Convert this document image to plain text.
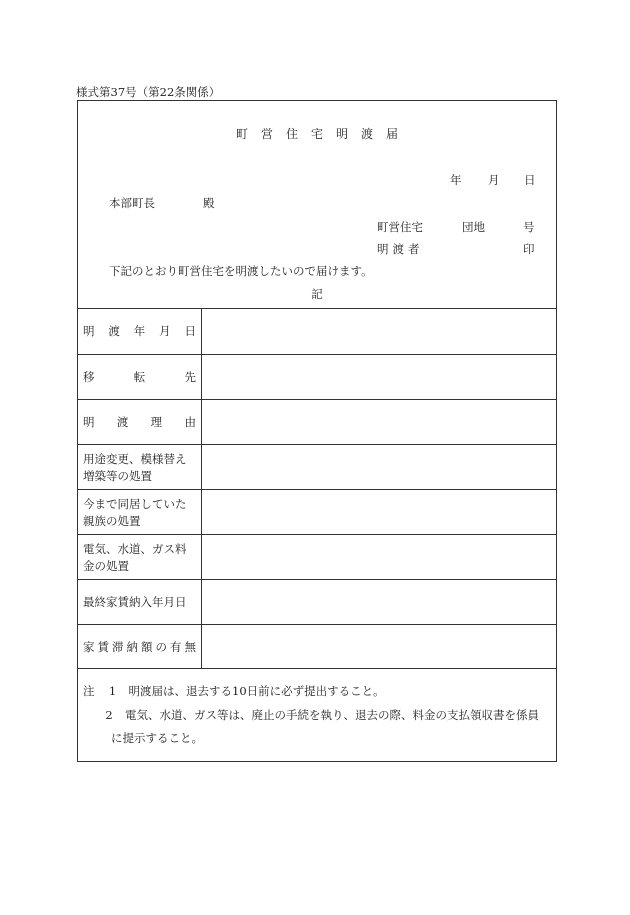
様式第37号（第22条関係）
町営住宅明渡届
年 月 日
本部町長	殿
町営住宅	団地	号
明渡者	印
下記のとおり町営住宅を明渡したいので届けます。
記
明 渡 年 月 日
移	転	先
明 渡 理 由
用途変更、模様替え増築等の処置
今まで同居していた親族の処置
電気、水道、ガス料金の処置
最終家賃納入年月日
家 賃 滞 納 額 の 有 無
注 1 明渡届は、退去する10日前に必ず提出すること。
2 電気、水道、ガス等は、廃止の手続を執り、退去の際、料金の支払領収書を係員
に提示すること。
